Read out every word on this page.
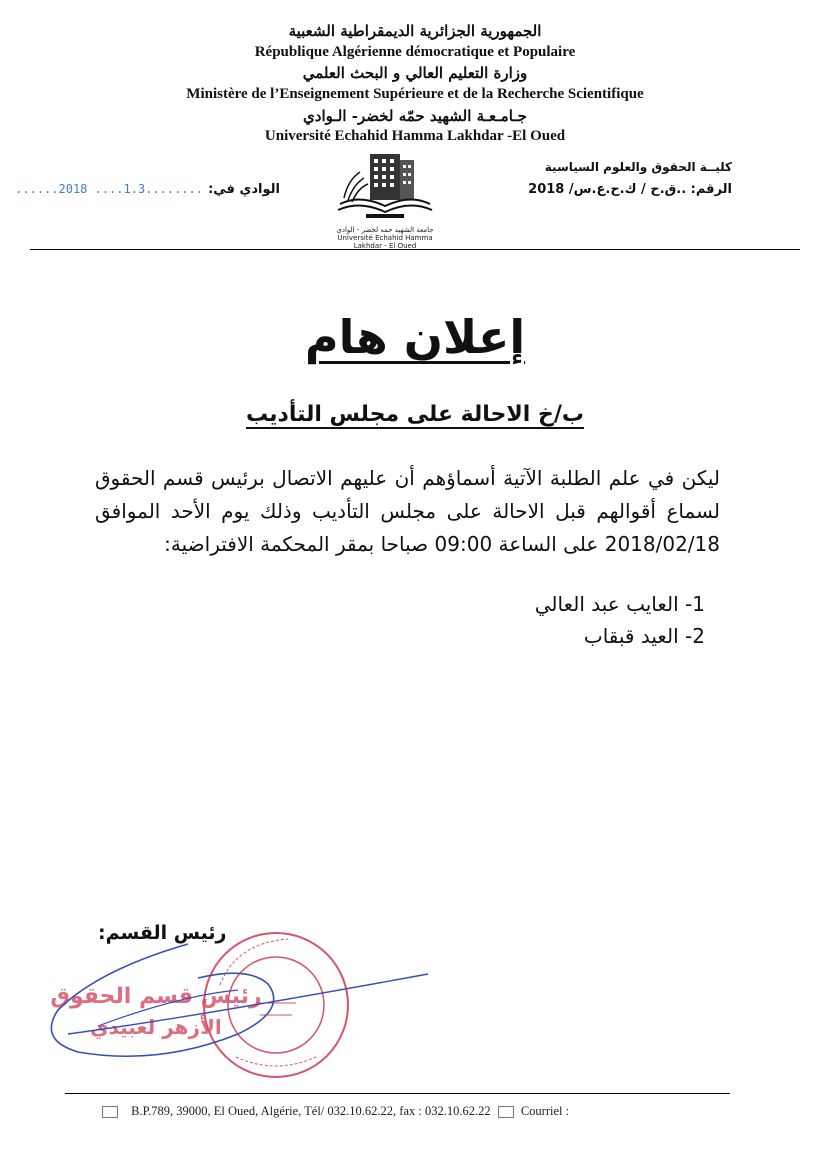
الجمهورية الجزائرية الديمقراطية الشعبية
République Algérienne démocratique et Populaire
وزارة التعليم العالي و البحث العلمي
Ministère de l’Enseignement Supérieure et de la Recherche Scientifique
جـامـعـة الشهيد حمّه لخضر- الـوادي
Université Echahid Hamma Lakhdar -El Oued
كليــة الحقوق والعلوم السياسية
الرقم: ..ق.ح / ك.ح.ع.س/ 2018
الوادي في: ......2018 ....1.3........
جامعة الشهيد حمه لخضر - الوادي
Université Echahid Hamma Lakhdar - El Oued
إعلان هام
ب/خ الاحالة على مجلس التأديب
ليكن في علم الطلبة الآتية أسماؤهم أن عليهم الاتصال برئيس قسم الحقوق لسماع أقوالهم قبل الاحالة على مجلس التأديب وذلك يوم الأحد الموافق 2018/02/18 على الساعة 09:00 صباحا بمقر المحكمة الافتراضية:
1- العايب عبد العالي
2- العيد قبقاب
رئيس القسم:
رئيس قسم الحقوق
الأزهر لعبيدي
B.P.789, 39000, El Oued, Algérie, Tél/ 032.10.62.22, fax : 032.10.62.22 Courriel :
